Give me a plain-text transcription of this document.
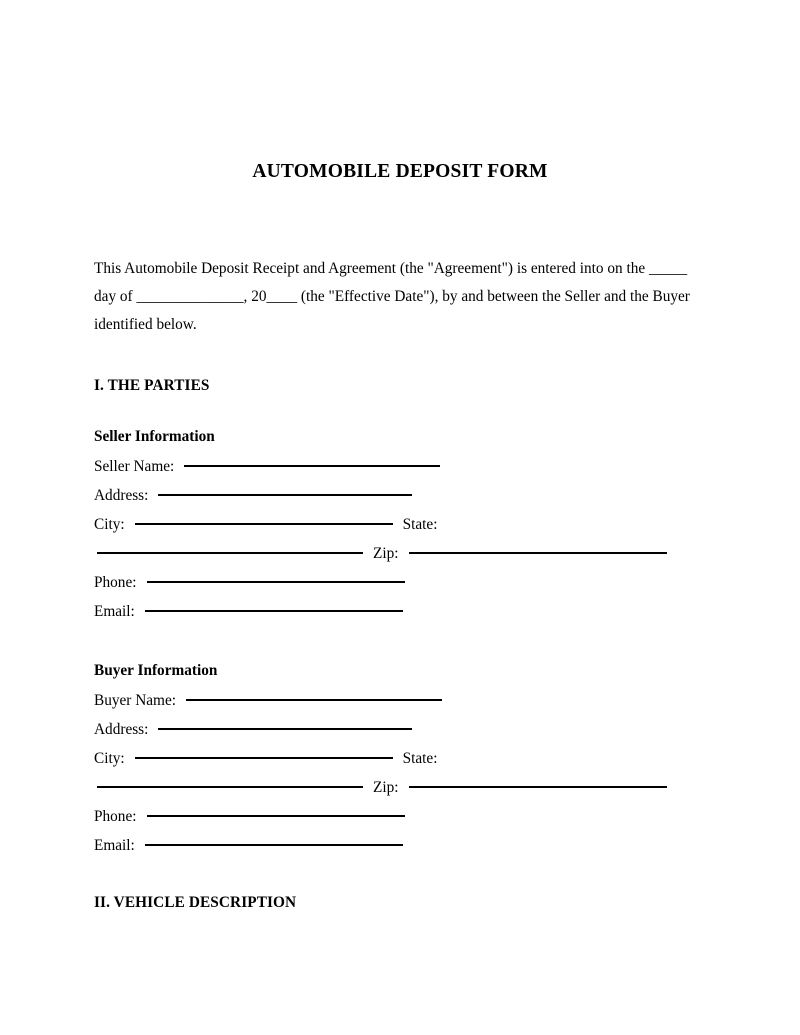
AUTOMOBILE DEPOSIT FORM

This Automobile Deposit Receipt and Agreement (the "Agreement") is entered into on the _____
day of ______________, 20____ (the "Effective Date"), by and between the Seller and the Buyer
identified below.

I. THE PARTIES
Seller Information
Seller Name:
Address:
City:	State:
Zip:
Phone:
Email:
Buyer Information
Buyer Name:
Address:
City:	State:
Zip:
Phone:
Email:
II. VEHICLE DESCRIPTION
